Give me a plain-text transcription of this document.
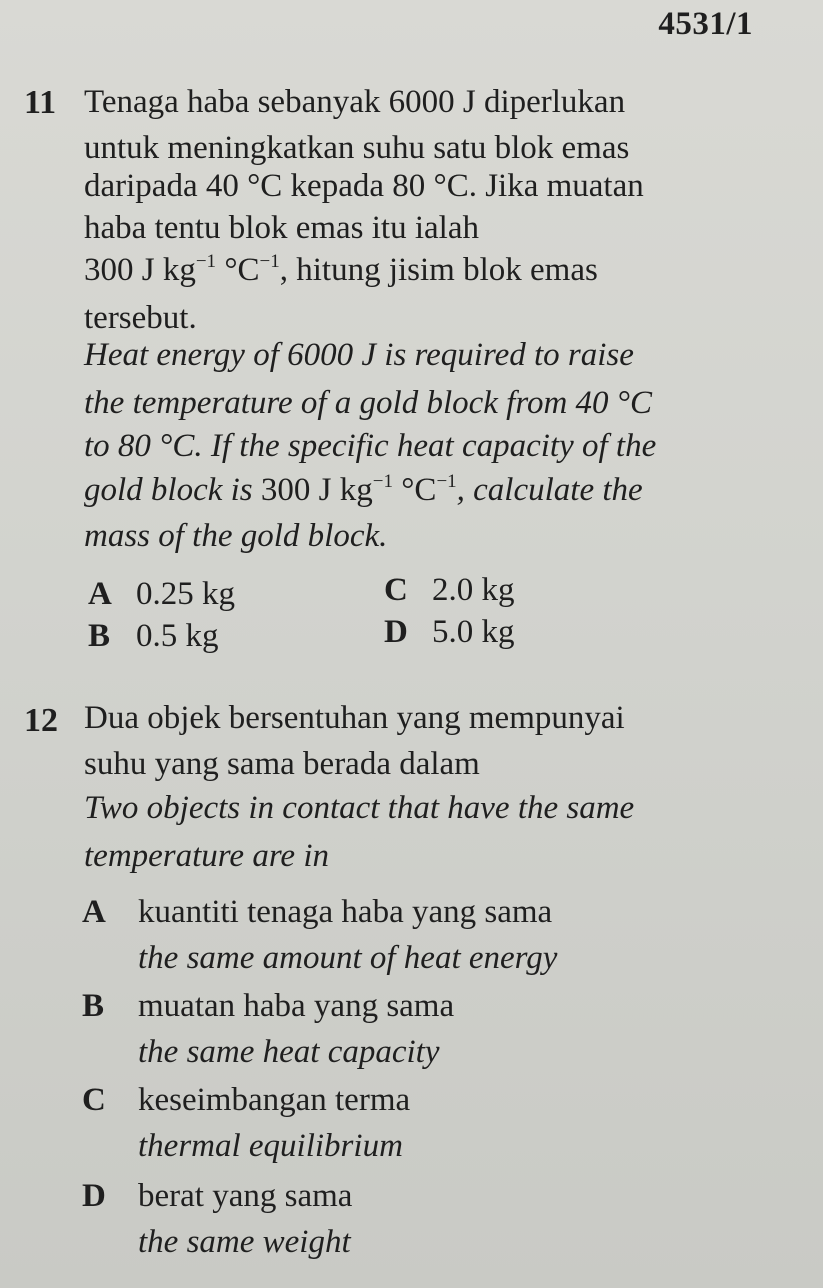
4531/1
11 Tenaga haba sebanyak 6000 J diperlukan
untuk meningkatkan suhu satu blok emas
daripada 40 °C kepada 80 °C. Jika muatan
haba tentu blok emas itu ialah
300 J $kg^{-1}$ $^\circ C^{-1}$, hitung jisim blok emas
tersebut.
Heat energy of 6000 J is required to raise
the temperature of a gold block from 40 °C
to 80 °C. If the specific heat capacity of the
gold block is 300 J $kg^{-1}$ $^\circ C^{-1}$, calculate the
mass of the gold block.
A 0.25 kg
B 0.5 kg
C 2.0 kg
D 5.0 kg
12 Dua objek bersentuhan yang mempunyai
suhu yang sama berada dalam
Two objects in contact that have the same
temperature are in
A kuantiti tenaga haba yang sama
the same amount of heat energy
B muatan haba yang sama
the same heat capacity
C keseimbangan terma
thermal equilibrium
D berat yang sama
the same weight
